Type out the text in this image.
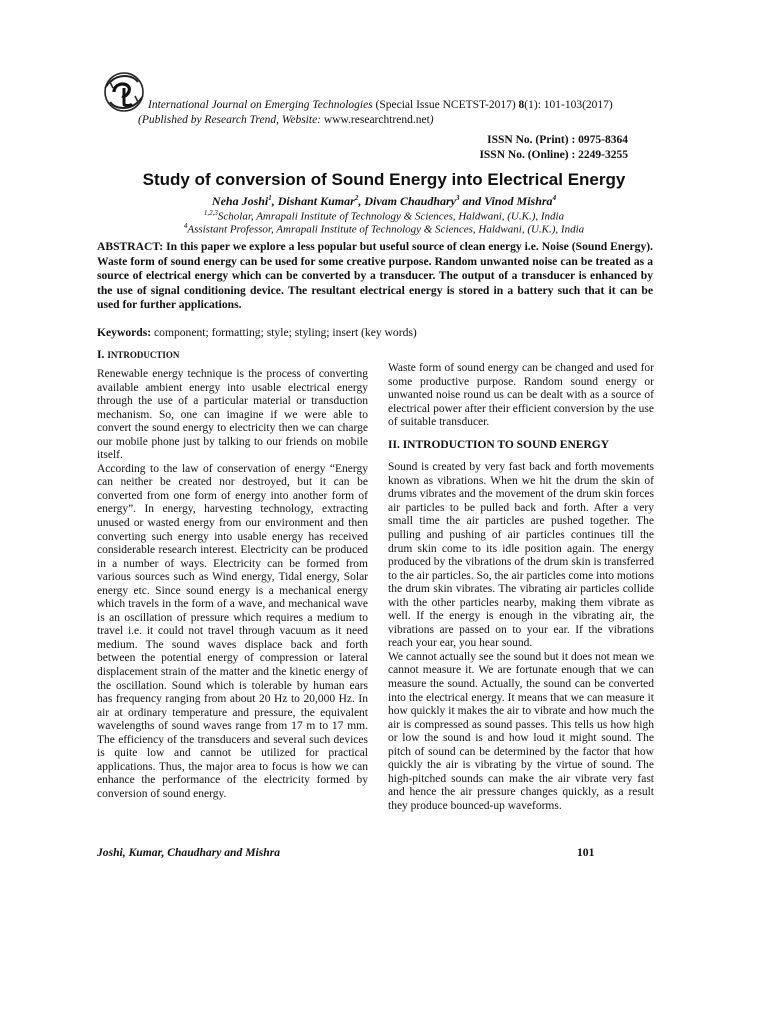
International Journal on Emerging Technologies (Special Issue NCETST-2017) 8(1): 101-103(2017)
(Published by Research Trend, Website: www.researchtrend.net)
ISSN No. (Print) : 0975-8364
ISSN No. (Online) : 2249-3255
Study of conversion of Sound Energy into Electrical Energy
Neha Joshi$^1$, Dishant Kumar$^2$, Divam Chaudhary$^3$ and Vinod Mishra$^4$
$^{1,2,3}$Scholar, Amrapali Institute of Technology & Sciences, Haldwani, (U.K.), India
$^4$Assistant Professor, Amrapali Institute of Technology & Sciences, Haldwani, (U.K.), India
ABSTRACT: In this paper we explore a less popular but useful source of clean energy i.e. Noise (Sound Energy). Waste form of sound energy can be used for some creative purpose. Random unwanted noise can be treated as a source of electrical energy which can be converted by a transducer. The output of a transducer is enhanced by the use of signal conditioning device. The resultant electrical energy is stored in a battery such that it can be used for further applications.
Keywords: component; formatting; style; styling; insert (key words)
I. INTRODUCTION

Renewable energy technique is the process of converting available ambient energy into usable electrical energy through the use of a particular material or transduction mechanism. So, one can imagine if we were able to convert the sound energy to electricity then we can charge our mobile phone just by talking to our friends on mobile itself.

According to the law of conservation of energy “Energy can neither be created nor destroyed, but it can be converted from one form of energy into another form of energy”. In energy, harvesting technology, extracting unused or wasted energy from our environment and then converting such energy into usable energy has received considerable research interest. Electricity can be produced in a number of ways. Electricity can be formed from various sources such as Wind energy, Tidal energy, Solar energy etc. Since sound energy is a mechanical energy which travels in the form of a wave, and mechanical wave is an oscillation of pressure which requires a medium to travel i.e. it could not travel through vacuum as it need medium. The sound waves displace back and forth between the potential energy of compression or lateral displacement strain of the matter and the kinetic energy of the oscillation. Sound which is tolerable by human ears has frequency ranging from about 20 Hz to 20,000 Hz. In air at ordinary temperature and pressure, the equivalent wavelengths of sound waves range from 17 m to 17 mm. The efficiency of the transducers and several such devices is quite low and cannot be utilized for practical applications. Thus, the major area to focus is how we can enhance the performance of the electricity formed by conversion of sound energy.

Waste form of sound energy can be changed and used for some productive purpose. Random sound energy or unwanted noise round us can be dealt with as a source of electrical power after their efficient conversion by the use of suitable transducer.

II. INTRODUCTION TO SOUND ENERGY

Sound is created by very fast back and forth movements known as vibrations. When we hit the drum the skin of drums vibrates and the movement of the drum skin forces air particles to be pulled back and forth. After a very small time the air particles are pushed together. The pulling and pushing of air particles continues till the drum skin come to its idle position again. The energy produced by the vibrations of the drum skin is transferred to the air particles. So, the air particles come into motions the drum skin vibrates. The vibrating air particles collide with the other particles nearby, making them vibrate as well. If the energy is enough in the vibrating air, the vibrations are passed on to your ear. If the vibrations reach your ear, you hear sound.

We cannot actually see the sound but it does not mean we cannot measure it. We are fortunate enough that we can measure the sound. Actually, the sound can be converted into the electrical energy. It means that we can measure it how quickly it makes the air to vibrate and how much the air is compressed as sound passes. This tells us how high or low the sound is and how loud it might sound. The pitch of sound can be determined by the factor that how quickly the air is vibrating by the virtue of sound. The high-pitched sounds can make the air vibrate very fast and hence the air pressure changes quickly, as a result they produce bounced-up waveforms.

Joshi, Kumar, Chaudhary and Mishra	101
